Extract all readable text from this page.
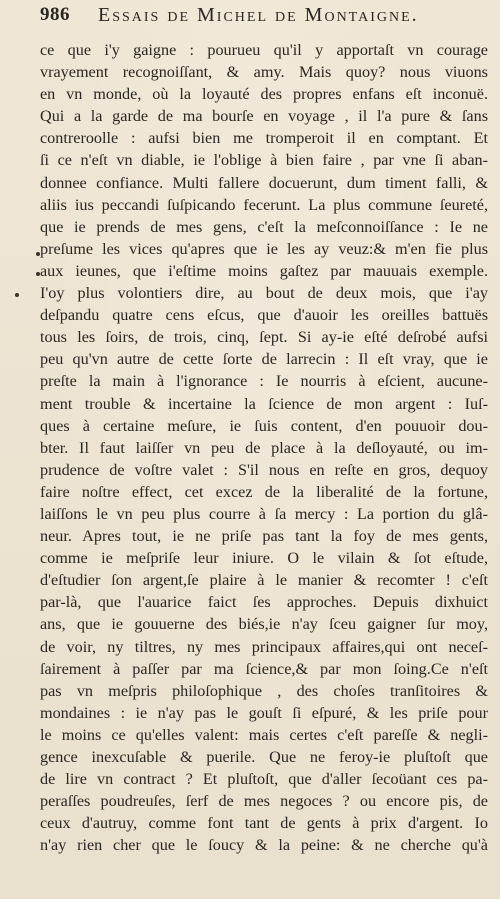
986 Essais de Michel de Montaigne.
ce que i'y gaigne : pourueu qu'il y apportaſt vn courage
vrayement recognoiſſant, & amy. Mais quoy? nous viuons
en vn monde, où la loyauté des propres enfans eſt inconuë.
Qui a la garde de ma bourſe en voyage , il l'a pure & ſans
contreroolle : aufsi bien me tromperoit il en comptant. Et
ſi ce n'eſt vn diable, ie l'oblige à bien faire , par vne ſi aban-
donnee confiance. Multi fallere docuerunt, dum timent falli, &
aliis ius peccandi ſuſpicando fecerunt. La plus commune ſeureté,
que ie prends de mes gens, c'eſt la meſconnoiſſance : Ie ne
preſume les vices qu'apres que ie les ay veuz:& m'en fie plus
aux ieunes, que i'eſtime moins gaſtez par mauuais exemple.
I'oy plus volontiers dire, au bout de deux mois, que i'ay
deſpandu quatre cens eſcus, que d'auoir les oreilles battuës
tous les ſoirs, de trois, cinq, ſept. Si ay-ie eſté deſrobé aufsi
peu qu'vn autre de cette ſorte de larrecin : Il eſt vray, que ie
preſte la main à l'ignorance : Ie nourris à eſcient, aucune-
ment trouble & incertaine la ſcience de mon argent : Iuſ-
ques à certaine meſure, ie ſuis content, d'en pouuoir dou-
bter. Il faut laiſſer vn peu de place à la deſloyauté, ou im-
prudence de voſtre valet : S'il nous en reſte en gros, dequoy
faire noſtre effect, cet excez de la liberalité de la fortune,
laiſſons le vn peu plus courre à ſa mercy : La portion du glâ-
neur. Apres tout, ie ne priſe pas tant la foy de mes gents,
comme ie meſpriſe leur iniure. O le vilain & ſot eſtude,
d'eſtudier ſon argent,ſe plaire à le manier & recomter ! c'eſt
par-là, que l'auarice faict ſes approches. Depuis dixhuict
ans, que ie gouuerne des biés,ie n'ay ſceu gaigner ſur moy,
de voir, ny tiltres, ny mes principaux affaires,qui ont neceſ-
ſairement à paſſer par ma ſcience,& par mon ſoing.Ce n'eſt
pas vn meſpris philoſophique , des choſes tranſitoires &
mondaines : ie n'ay pas le gouſt ſi eſpuré, & les priſe pour
le moins ce qu'elles valent: mais certes c'eſt pareſſe & negli-
gence inexcuſable & puerile. Que ne feroy-ie pluſtoſt que
de lire vn contract ? Et pluſtoſt, que d'aller ſecoüant ces pa-
peraſſes poudreuſes, ſerf de mes negoces ? ou encore pis, de
ceux d'autruy, comme font tant de gents à prix d'argent. Io
n'ay rien cher que le ſoucy & la peine: & ne cherche qu'à
